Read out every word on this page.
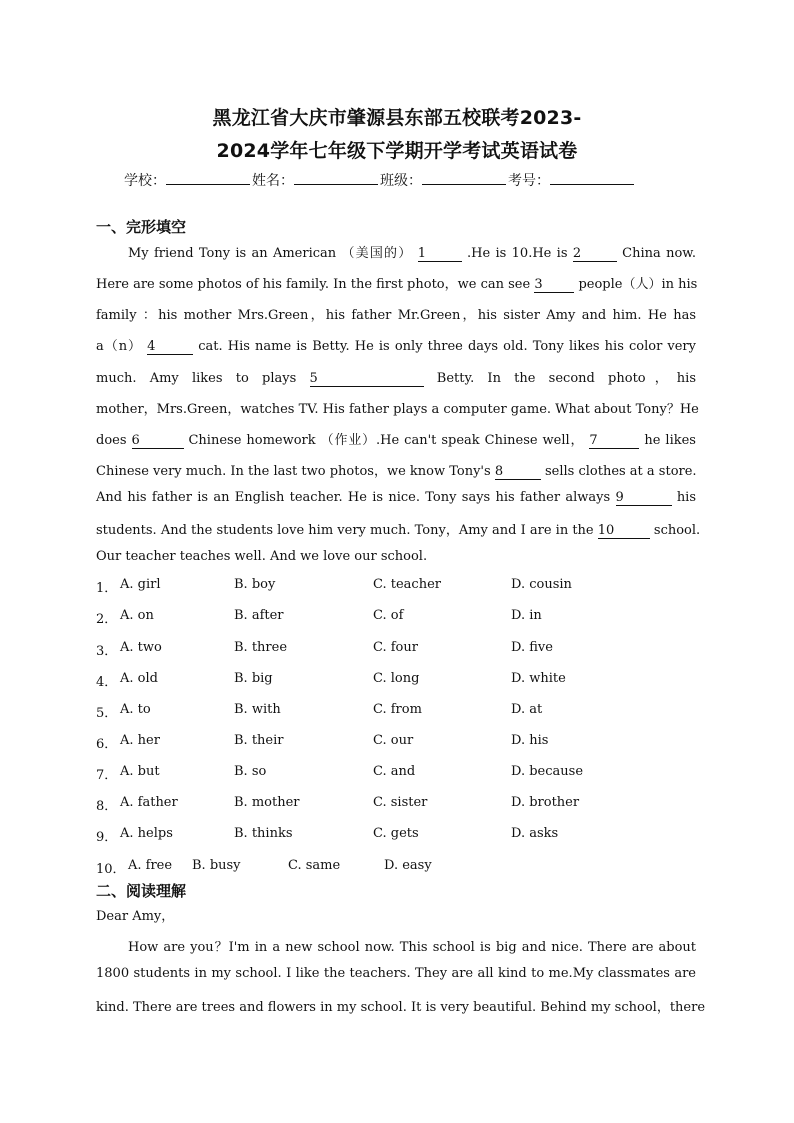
黑龙江省大庆市肇源县东部五校联考2023-
2024学年七年级下学期开学考试英语试卷
学校：	姓名：	班级：	考号：
一、完形填空
My friend Tony is an American （美国的） 1	.He is 10.He is 2	China now.
Here are some photos of his family. In the first photo，we can see 3	people（人）in his
family ：his mother Mrs.Green，his father Mr.Green，his sister Amy and him. He has
a（n） 4	cat. His name is Betty. He is only three days old. Tony likes his color very
much. Amy likes to plays 5	Betty. In the second photo，his
mother，Mrs.Green，watches TV. His father plays a computer game. What about Tony？He
does 6	Chinese homework （作业）.He can't speak Chinese well， 7	he likes
Chinese very much. In the last two photos，we know Tony's 8	sells clothes at a store.
And his father is an English teacher. He is nice. Tony says his father always 9	his
students. And the students love him very much. Tony，Amy and I are in the 10	school.
Our teacher teaches well. And we love our school.
1． A. girl	B. boy	C. teacher	D. cousin
2． A. on	B. after	C. of	D. in
3． A. two	B. three	C. four	D. five
4． A. old	B. big	C. long	D. white
5． A. to	B. with	C. from	D. at
6． A. her	B. their	C. our	D. his
7． A. but	B. so	C. and	D. because
8． A. father	B. mother	C. sister	D. brother
9． A. helps	B. thinks	C. gets	D. asks
10． A. free B. busy	C. same	D. easy
二、阅读理解
Dear Amy，
How are you？I'm in a new school now. This school is big and nice. There are about
1800 students in my school. I like the teachers. They are all kind to me.My classmates are
kind. There are trees and flowers in my school. It is very beautiful. Behind my school，there
